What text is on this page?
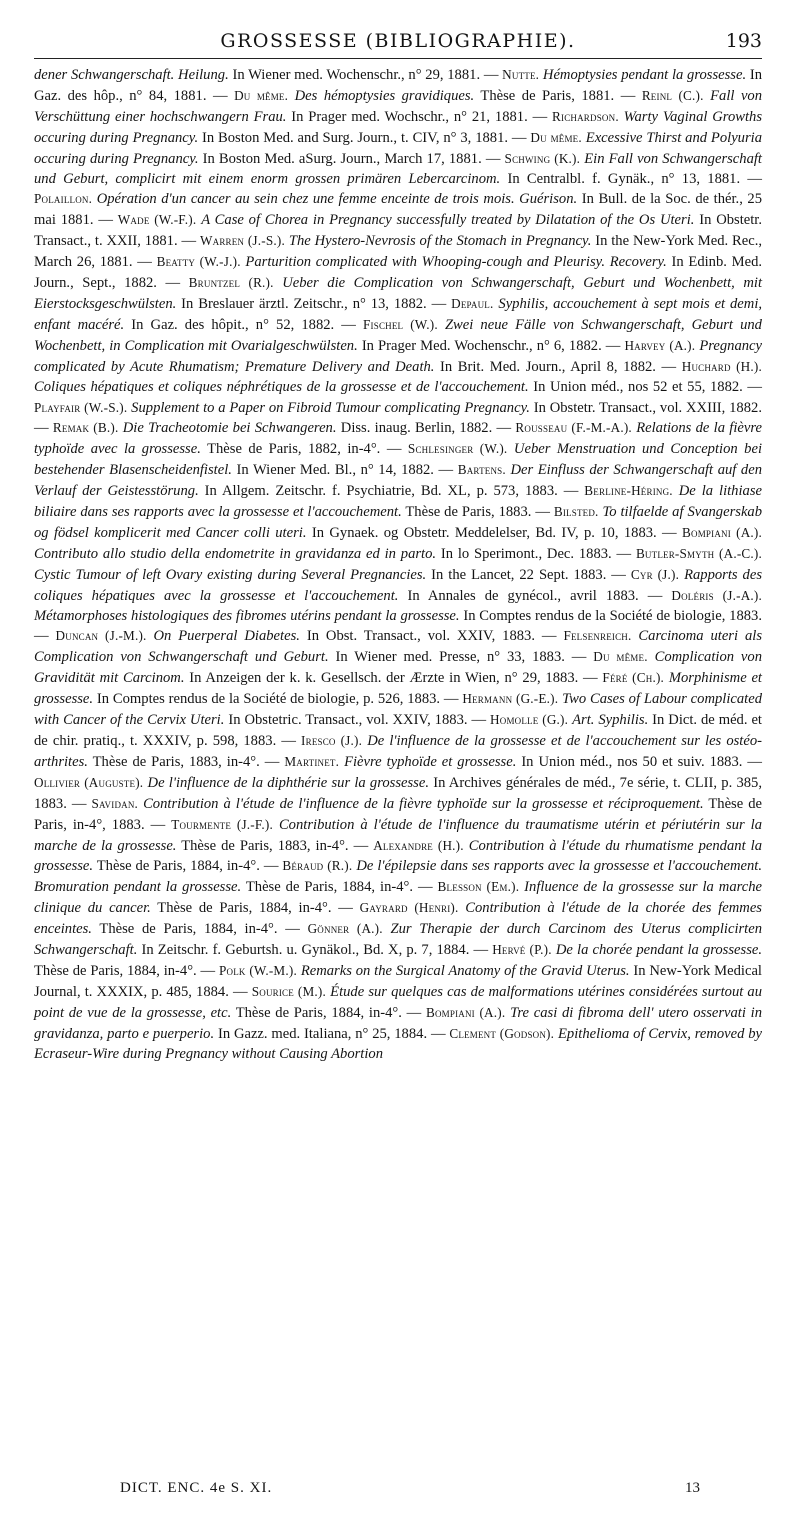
GROSSESSE (BIBLIOGRAPHIE).	193
dener Schwangerschaft. Heilung. In Wiener med. Wochenschr., n° 29, 1881. — Nutte. Hémoptysies pendant la grossesse. In Gaz. des hôp., n° 84, 1881. — Du même. Des hémoptysies gravidiques. Thèse de Paris, 1881. — Reinl (C.). Fall von Verschüttung einer hochschwangern Frau. In Prager med. Wochschr., n° 21, 1881. — Richardson. Warty Vaginal Growths occuring during Pregnancy. In Boston Med. and Surg. Journ., t. CIV, n° 3, 1881. — Du même. Excessive Thirst and Polyuria occuring during Pregnancy. In Boston Med. aSurg. Journ., March 17, 1881. — Schwing (K.). Ein Fall von Schwangerschaft und Geburt, complicirt mit einem enorm grossen primären Lebercarcinom. In Centralbl. f. Gynäk., n° 13, 1881. — Polaillon. Opération d'un cancer au sein chez une femme enceinte de trois mois. Guérison. In Bull. de la Soc. de thér., 25 mai 1881. — Wade (W.-F.). A Case of Chorea in Pregnancy successfully treated by Dilatation of the Os Uteri. In Obstetr. Transact., t. XXII, 1881. — Warren (J.-S.). The Hystero-Nevrosis of the Stomach in Pregnancy. In the New-York Med. Rec., March 26, 1881. — Beatty (W.-J.). Parturition complicated with Whooping-cough and Pleurisy. Recovery. In Edinb. Med. Journ., Sept., 1882. — Bruntzel (R.). Ueber die Complication von Schwangerschaft, Geburt und Wochenbett, mit Eierstocksgeschwülsten. In Breslauer ärztl. Zeitschr., n° 13, 1882. — Depaul. Syphilis, accouchement à sept mois et demi, enfant macéré. In Gaz. des hôpit., n° 52, 1882. — Fischel (W.). Zwei neue Fälle von Schwangerschaft, Geburt und Wochenbett, in Complication mit Ovarialgeschwülsten. In Prager Med. Wochenschr., n° 6, 1882. — Harvey (A.). Pregnancy complicated by Acute Rhumatism; Premature Delivery and Death. In Brit. Med. Journ., April 8, 1882. — Huchard (H.). Coliques hépatiques et coliques néphrétiques de la grossesse et de l'accouchement. In Union méd., nos 52 et 55, 1882. — Playfair (W.-S.). Supplement to a Paper on Fibroid Tumour complicating Pregnancy. In Obstetr. Transact., vol. XXIII, 1882. — Remak (B.). Die Tracheotomie bei Schwangeren. Diss. inaug. Berlin, 1882. — Rousseau (F.-M.-A.). Relations de la fièvre typhoïde avec la grossesse. Thèse de Paris, 1882, in-4°. — Schlesinger (W.). Ueber Menstruation und Conception bei bestehender Blasenscheidenfistel. In Wiener Med. Bl., n° 14, 1882. — Bartens. Der Einfluss der Schwangerschaft auf den Verlauf der Geistesstörung. In Allgem. Zeitschr. f. Psychiatrie, Bd. XL, p. 573, 1883. — Berline-Héring. De la lithiase biliaire dans ses rapports avec la grossesse et l'accouchement. Thèse de Paris, 1883. — Bilsted. To tilfaelde af Svangerskab og födsel komplicerit med Cancer colli uteri. In Gynaek. og Obstetr. Meddelelser, Bd. IV, p. 10, 1883. — Bompiani (A.). Contributo allo studio della endometrite in gravidanza ed in parto. In lo Sperimont., Dec. 1883. — Butler-Smyth (A.-C.). Cystic Tumour of left Ovary existing during Several Pregnancies. In the Lancet, 22 Sept. 1883. — Cyr (J.). Rapports des coliques hépatiques avec la grossesse et l'accouchement. In Annales de gynécol., avril 1883. — Doléris (J.-A.). Métamorphoses histologiques des fibromes utérins pendant la grossesse. In Comptes rendus de la Société de biologie, 1883. — Duncan (J.-M.). On Puerperal Diabetes. In Obst. Transact., vol. XXIV, 1883. — Felsenreich. Carcinoma uteri als Complication von Schwangerschaft und Geburt. In Wiener med. Presse, n° 33, 1883. — Du même. Complication von Gravidität mit Carcinom. In Anzeigen der k. k. Gesellsch. der Ærzte in Wien, n° 29, 1883. — Féré (Ch.). Morphinisme et grossesse. In Comptes rendus de la Société de biologie, p. 526, 1883. — Hermann (G.-E.). Two Cases of Labour complicated with Cancer of the Cervix Uteri. In Obstetric. Transact., vol. XXIV, 1883. — Homolle (G.). Art. Syphilis. In Dict. de méd. et de chir. pratiq., t. XXXIV, p. 598, 1883. — Iresco (J.). De l'influence de la grossesse et de l'accouchement sur les ostéo-arthrites. Thèse de Paris, 1883, in-4°. — Martinet. Fièvre typhoïde et grossesse. In Union méd., nos 50 et suiv. 1883. — Ollivier (Auguste). De l'influence de la diphthérie sur la grossesse. In Archives générales de méd., 7e série, t. CLII, p. 385, 1883. — Savidan. Contribution à l'étude de l'influence de la fièvre typhoïde sur la grossesse et réciproquement. Thèse de Paris, in-4°, 1883. — Tourmente (J.-F.). Contribution à l'étude de l'influence du traumatisme utérin et périutérin sur la marche de la grossesse. Thèse de Paris, 1883, in-4°. — Alexandre (H.). Contribution à l'étude du rhumatisme pendant la grossesse. Thèse de Paris, 1884, in-4°. — Béraud (R.). De l'épilepsie dans ses rapports avec la grossesse et l'accouchement. Bromuration pendant la grossesse. Thèse de Paris, 1884, in-4°. — Blesson (Em.). Influence de la grossesse sur la marche clinique du cancer. Thèse de Paris, 1884, in-4°. — Gayrard (Henri). Contribution à l'étude de la chorée des femmes enceintes. Thèse de Paris, 1884, in-4°. — Gönner (A.). Zur Therapie der durch Carcinom des Uterus complicirten Schwangerschaft. In Zeitschr. f. Geburtsh. u. Gynäkol., Bd. X, p. 7, 1884. — Hervé (P.). De la chorée pendant la grossesse. Thèse de Paris, 1884, in-4°. — Polk (W.-M.). Remarks on the Surgical Anatomy of the Gravid Uterus. In New-York Medical Journal, t. XXXIX, p. 485, 1884. — Sourice (M.). Étude sur quelques cas de malformations utérines considérées surtout au point de vue de la grossesse, etc. Thèse de Paris, 1884, in-4°. — Bompiani (A.). Tre casi di fibroma dell' utero osservati in gravidanza, parto e puerperio. In Gazz. med. Italiana, n° 25, 1884. — Clement (Godson). Epithelioma of Cervix, removed by Ecraseur-Wire during Pregnancy without Causing Abortion
DICT. ENC. 4e S. XI.	13
